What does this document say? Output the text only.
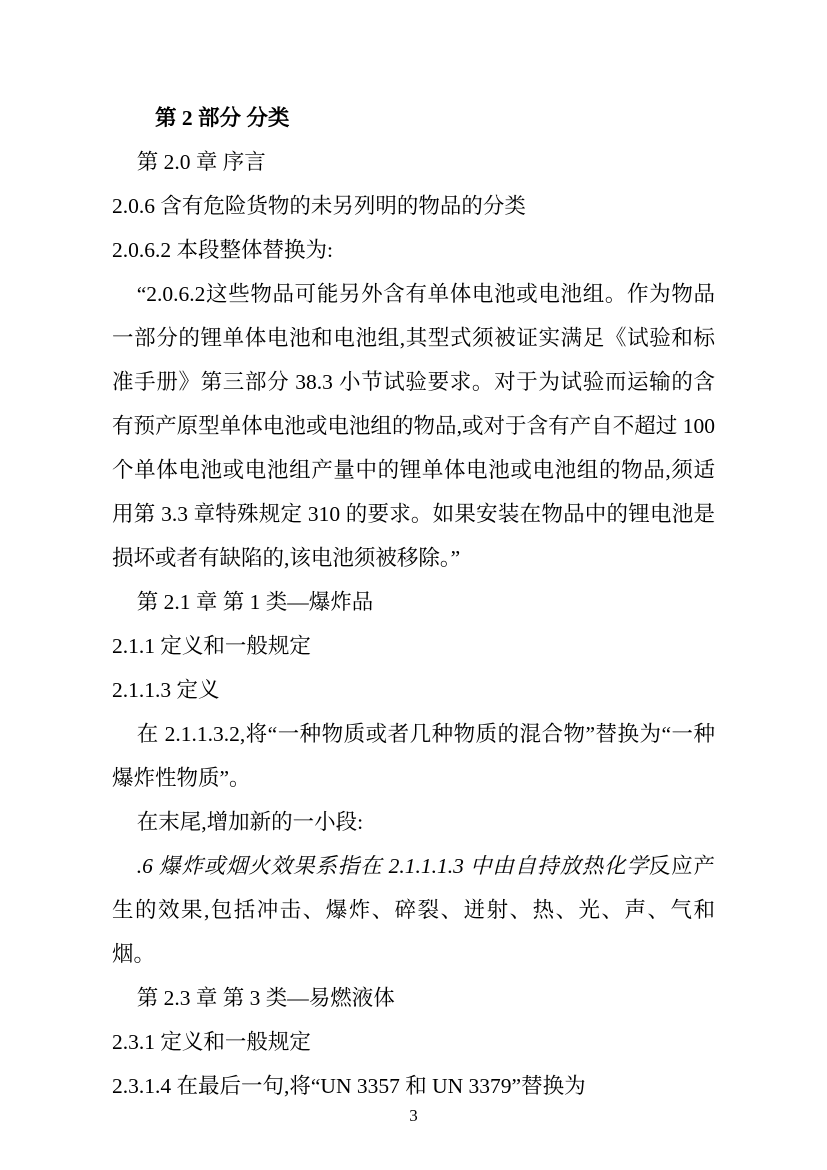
第 2 部分 分类

第 2.0 章 序言

2.0.6 含有危险货物的未另列明的物品的分类

2.0.6.2 本段整体替换为:

“2.0.6.2这些物品可能另外含有单体电池或电池组。作为物品一部分的锂单体电池和电池组,其型式须被证实满足《试验和标准手册》第三部分 38.3 小节试验要求。对于为试验而运输的含有预产原型单体电池或电池组的物品,或对于含有产自不超过 100 个单体电池或电池组产量中的锂单体电池或电池组的物品,须适用第 3.3 章特殊规定 310 的要求。如果安装在物品中的锂电池是损坏或者有缺陷的,该电池须被移除。”

第 2.1 章 第 1 类—爆炸品

2.1.1 定义和一般规定

2.1.1.3 定义

在 2.1.1.3.2,将“一种物质或者几种物质的混合物”替换为“一种爆炸性物质”。

在末尾,增加新的一小段:

.6 爆炸或烟火效果系指在 2.1.1.1.3 中由自持放热化学反应产生的效果,包括冲击、爆炸、碎裂、迸射、热、光、声、气和烟。

第 2.3 章 第 3 类—易燃液体

2.3.1 定义和一般规定

2.3.1.4 在最后一句,将“UN 3357 和 UN 3379”替换为

3
